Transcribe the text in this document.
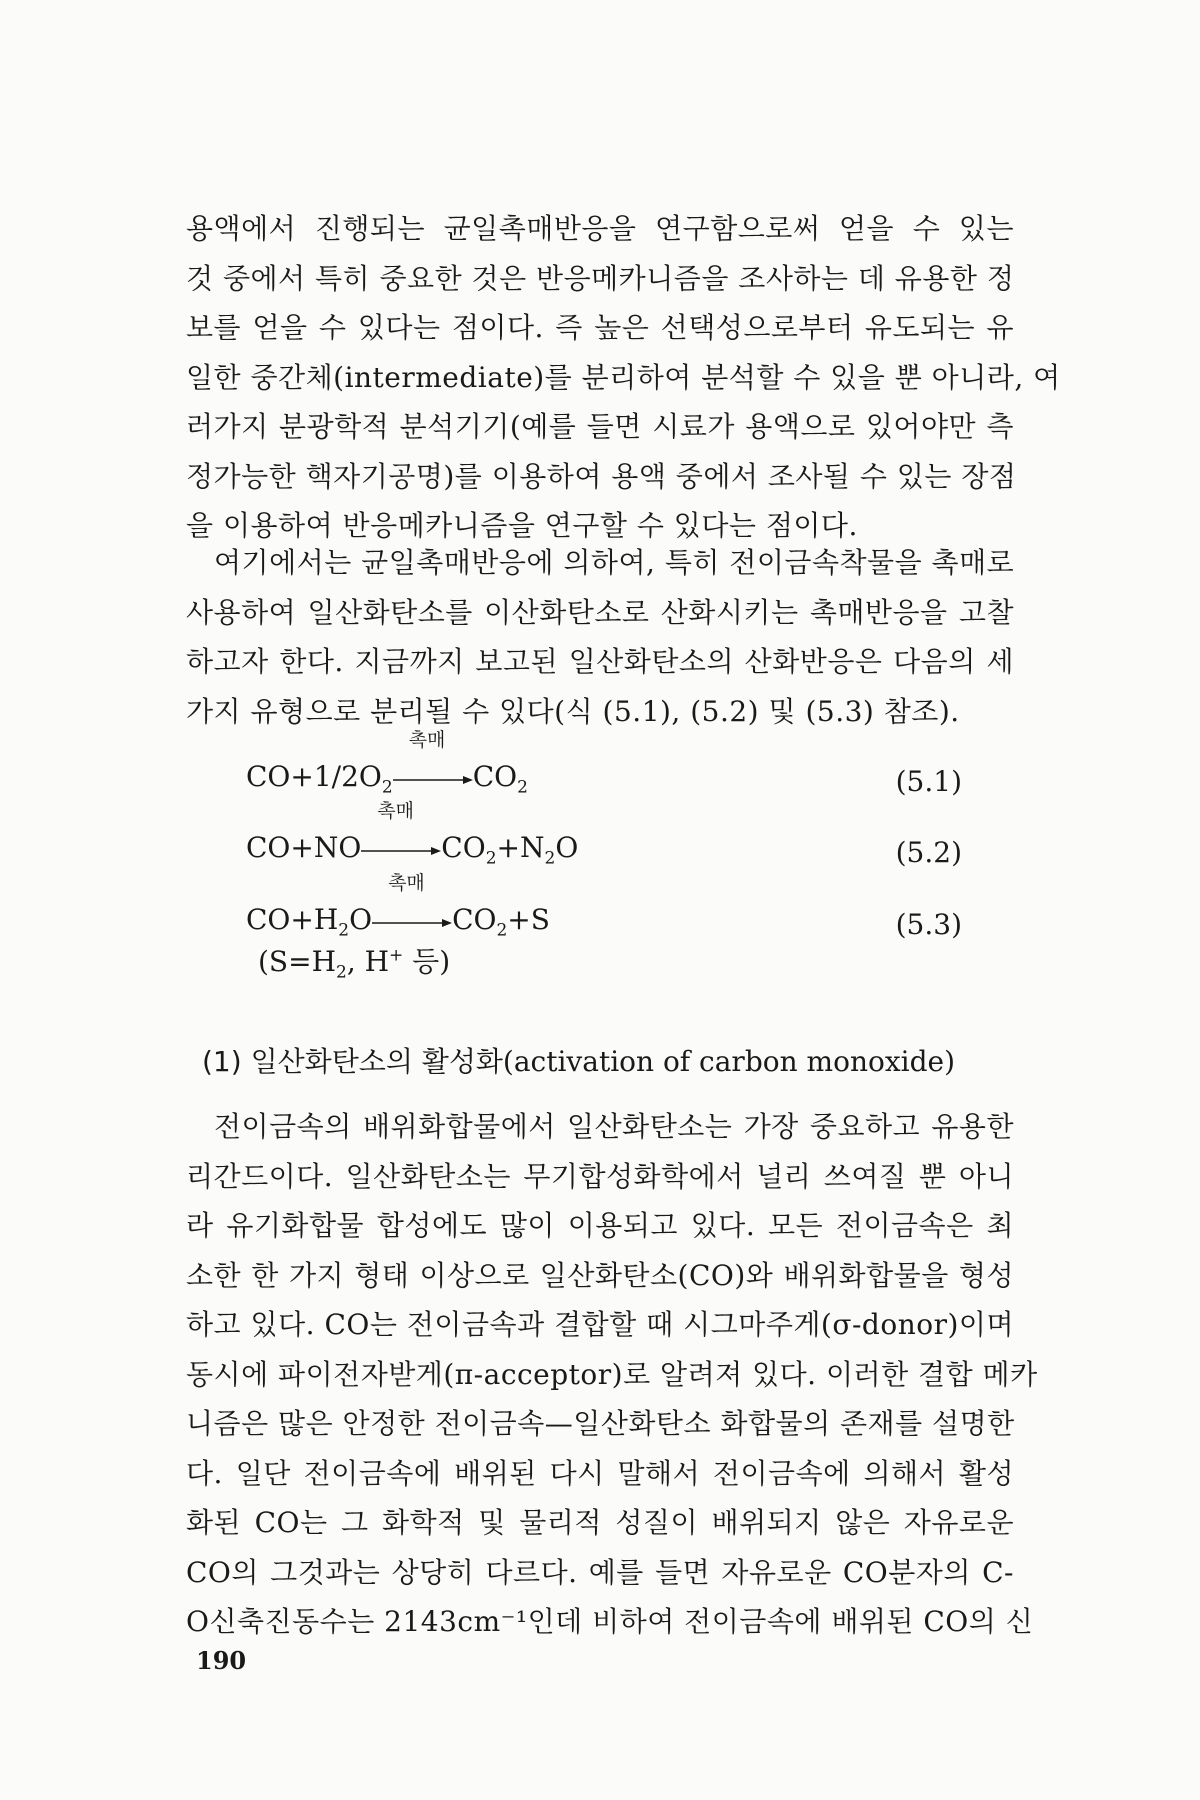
용액에서 진행되는 균일촉매반응을 연구함으로써 얻을 수 있는
것 중에서 특히 중요한 것은 반응메카니즘을 조사하는 데 유용한 정
보를 얻을 수 있다는 점이다. 즉 높은 선택성으로부터 유도되는 유
일한 중간체(intermediate)를 분리하여 분석할 수 있을 뿐 아니라, 여
러가지 분광학적 분석기기(예를 들면 시료가 용액으로 있어야만 측
정가능한 핵자기공명)를 이용하여 용액 중에서 조사될 수 있는 장점
을 이용하여 반응메카니즘을 연구할 수 있다는 점이다.
여기에서는 균일촉매반응에 의하여, 특히 전이금속착물을 촉매로
사용하여 일산화탄소를 이산화탄소로 산화시키는 촉매반응을 고찰
하고자 한다. 지금까지 보고된 일산화탄소의 산화반응은 다음의 세
가지 유형으로 분리될 수 있다(식 (5.1), (5.2) 및 (5.3) 참조).
$CO+1/2O_2$
촉매
$CO_2$	(5.1)
CO+NO
촉매
$CO_2+N_2O$	(5.2)
$CO+H_2O$
촉매
$CO_2+S$	(5.3)
($S=H_2$, H+ 등)
(1) 일산화탄소의 활성화(activation of carbon monoxide)
전이금속의 배위화합물에서 일산화탄소는 가장 중요하고 유용한
리간드이다. 일산화탄소는 무기합성화학에서 널리 쓰여질 뿐 아니
라 유기화합물 합성에도 많이 이용되고 있다. 모든 전이금속은 최
소한 한 가지 형태 이상으로 일산화탄소(CO)와 배위화합물을 형성
하고 있다. CO는 전이금속과 결합할 때 시그마주게(σ-donor)이며
동시에 파이전자받게(π-acceptor)로 알려져 있다. 이러한 결합 메카
니즘은 많은 안정한 전이금속—일산화탄소 화합물의 존재를 설명한
다. 일단 전이금속에 배위된 다시 말해서 전이금속에 의해서 활성
화된 CO는 그 화학적 및 물리적 성질이 배위되지 않은 자유로운
CO의 그것과는 상당히 다르다. 예를 들면 자유로운 CO분자의 C-
O신축진동수는 2143cm⁻¹인데 비하여 전이금속에 배위된 CO의 신
190
